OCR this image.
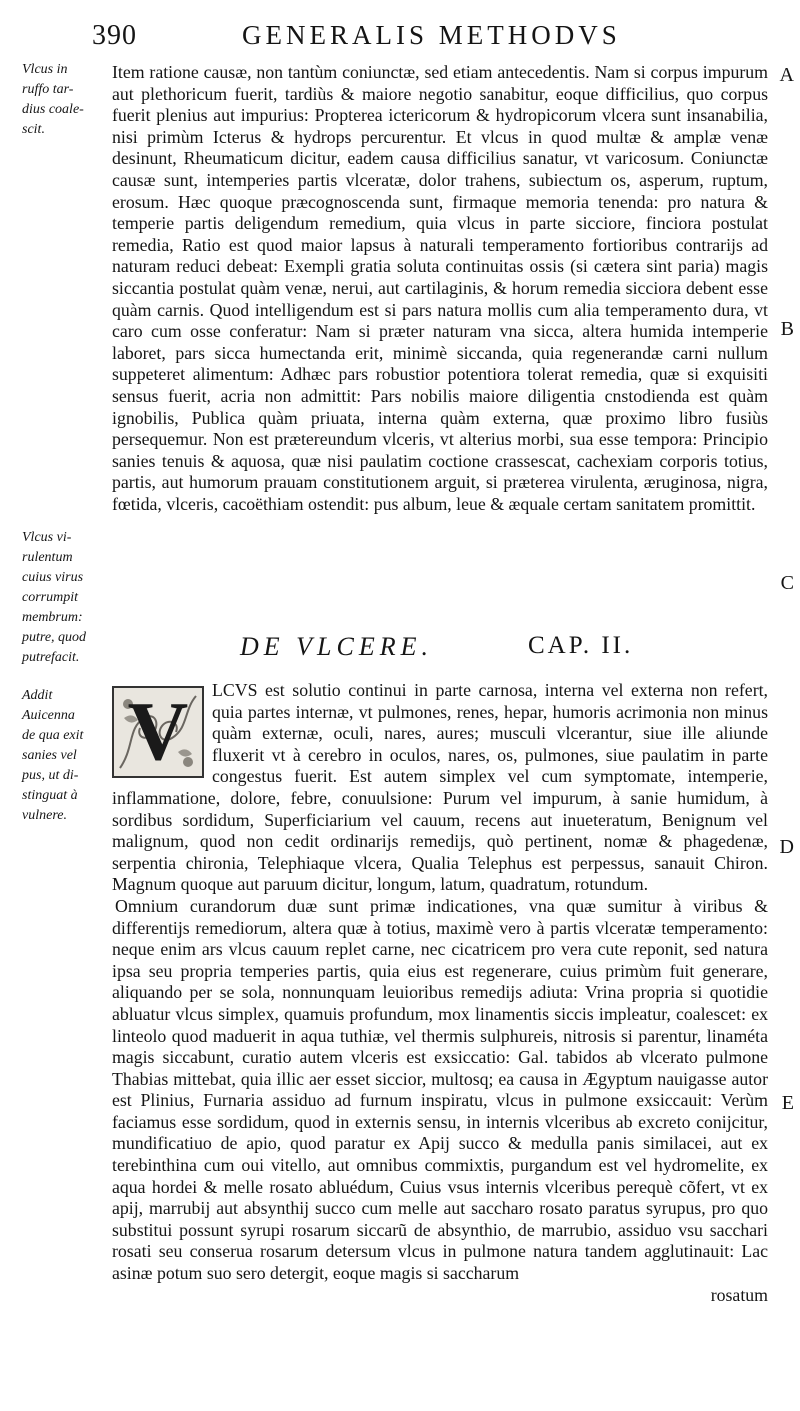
390	GENERALIS METHODVS
Vlcus in
ruffo tar-
dius coale-
scit.
Vlcus vi-
rulentum
cuius virus
corrumpit
membrum:
putre, quod
putrefacit.
Addit
Auicenna
de qua exit
sanies vel
pus, ut di-
stinguat à
vulnere.
A
B
C
D
E

Item ratione causæ, non tantùm coniunctæ, sed etiam antecedentis. Nam si corpus impurum aut plethoricum fuerit, tardiùs & maiore negotio sanabitur, eoque difficilius, quo corpus fuerit plenius aut impurius: Propterea ictericorum & hydropicorum vlcera sunt insanabilia, nisi primùm Icterus & hydrops percurentur. Et vlcus in quod multæ & amplæ venæ desinunt, Rheumaticum dicitur, eadem causa difficilius sanatur, vt varicosum. Coniunctæ causæ sunt, intemperies partis vlceratæ, dolor trahens, subiectum os, asperum, ruptum, erosum. Hæc quoque præcognoscenda sunt, firmaque memoria tenenda: pro natura & temperie partis deligendum remedium, quia vlcus in parte sicciore, finciora postulat remedia, Ratio est quod maior lapsus à naturali temperamento fortioribus contrarijs ad naturam reduci debeat: Exempli gratia soluta continuitas ossis (si cætera sint paria) magis siccantia postulat quàm venæ, nerui, aut cartilaginis, & horum remedia sicciora debent esse quàm carnis. Quod intelligendum est si pars natura mollis cum alia temperamento dura, vt caro cum osse conferatur: Nam si præter naturam vna sicca, altera humida intemperie laboret, pars sicca humectanda erit, minimè siccanda, quia regenerandæ carni nullum suppeteret alimentum: Adhæc pars robustior potentiora tolerat remedia, quæ si exquisiti sensus fuerit, acria non admittit: Pars nobilis maiore diligentia cnstodienda est quàm ignobilis, Publica quàm priuata, interna quàm externa, quæ proximo libro fusiùs persequemur. Non est prætereundum vlceris, vt alterius morbi, sua esse tempora: Principio sanies tenuis & aquosa, quæ nisi paulatim coctione crassescat, cachexiam corporis totius, partis, aut humorum prauam constitutionem arguit, si præterea virulenta, æruginosa, nigra, fœtida, vlceris, cacoëthiam ostendit: pus album, leue & æquale certam sanitatem promittit.

DE VLCERE.	CAP. II.
V	LCVS est solutio continui in parte carnosa, interna vel externa non refert, quia partes internæ, vt pulmones, renes, hepar, humoris acrimonia non minus quàm externæ, oculi, nares, aures; musculi vlcerantur, siue ille aliunde fluxerit vt à cerebro in oculos, nares, os, pulmones, siue paulatim in parte congestus fuerit. Est autem simplex vel cum symptomate, intemperie, inflammatione, dolore, febre, conuulsione: Purum vel impurum, à sanie humidum, à sordibus sordidum, Superficiarium vel cauum, recens aut inueteratum, Benignum vel malignum, quod non cedit ordinarijs remedijs, quò pertinent, nomæ & phagedenæ, serpentia chironia, Telephiaque vlcera, Qualia Telephus est perpessus, sanauit Chiron. Magnum quoque aut paruum dicitur, longum, latum, quadratum, rotundum.

Omnium curandorum duæ sunt primæ indicationes, vna quæ sumitur à viribus & differentijs remediorum, altera quæ à totius, maximè vero à partis vlceratæ temperamento: neque enim ars vlcus cauum replet carne, nec cicatricem pro vera cute reponit, sed natura ipsa seu propria temperies partis, quia eius est regenerare, cuius primùm fuit generare, aliquando per se sola, nonnunquam leuioribus remedijs adiuta: Vrina propria si quotidie abluatur vlcus simplex, quamuis profundum, mox linamentis siccis impleatur, coalescet: ex linteolo quod maduerit in aqua tuthiæ, vel thermis sulphureis, nitrosis si parentur, linaméta magis siccabunt, curatio autem vlceris est exsiccatio: Gal. tabidos ab vlcerato pulmone Thabias mittebat, quia illic aer esset siccior, multosq; ea causa in Ægyptum nauigasse autor est Plinius, Furnaria assiduo ad furnum inspiratu, vlcus in pulmone exsiccauit: Verùm faciamus esse sordidum, quod in externis sensu, in internis vlceribus ab excreto conijcitur, mundificatiuo de apio, quod paratur ex Apij succo & medulla panis similacei, aut ex terebinthina cum oui vitello, aut omnibus commixtis, purgandum est vel hydromelite, ex aqua hordei & melle rosato abluédum, Cuius vsus internis vlceribus perequè cõfert, vt ex apij, marrubij aut absynthij succo cum melle aut saccharo rosato paratus syrupus, pro quo substitui possunt syrupi rosarum siccarũ de absynthio, de marrubio, assiduo vsu sacchari rosati seu conserua rosarum detersum vlcus in pulmone natura tandem agglutinauit: Lac asinæ potum suo sero detergit, eoque magis si saccharum

rosatum
